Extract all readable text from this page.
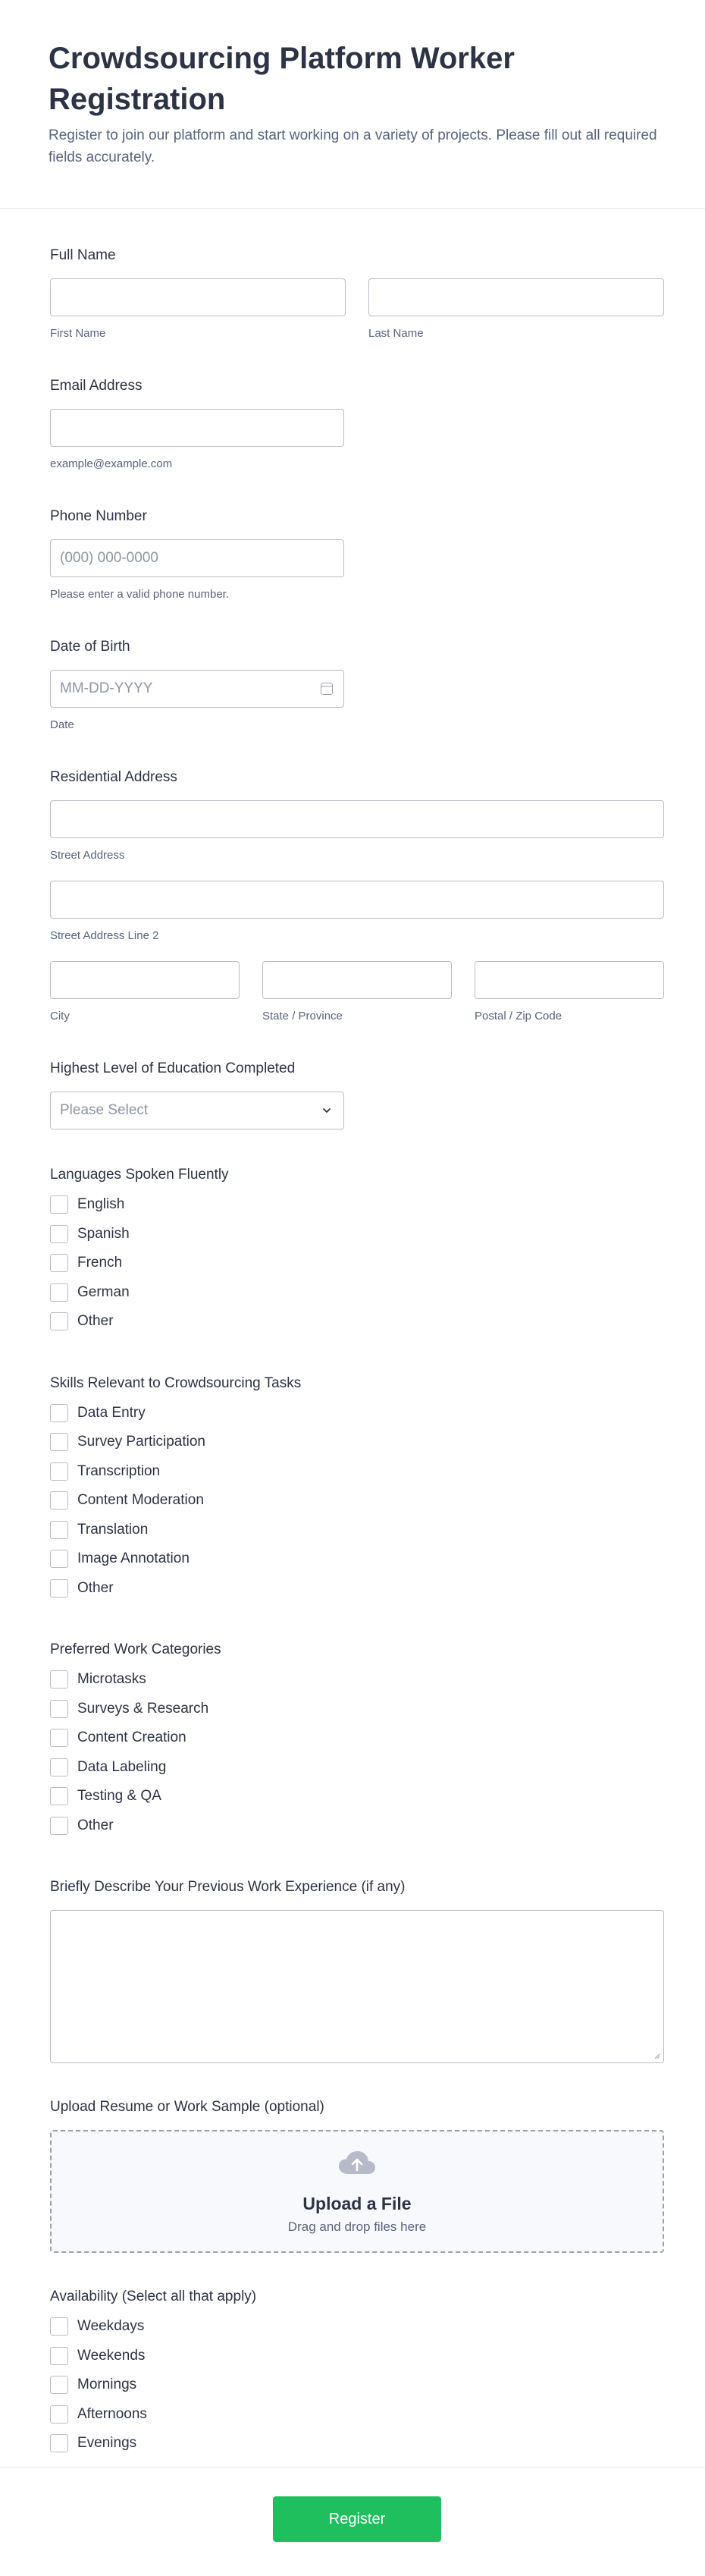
Crowdsourcing Platform Worker Registration

Register to join our platform and start working on a variety of projects. Please fill out all required fields accurately.

Full Name
First Name	Last Name
Email Address
example@example.com
Phone Number
(000) 000-0000
Please enter a valid phone number.
Date of Birth
MM-DD-YYYY
Date
Residential Address
Street Address
Street Address Line 2
City	State / Province	Postal / Zip Code
Highest Level of Education Completed
Please Select
Languages Spoken Fluently
English
Spanish
French
German
Other
Skills Relevant to Crowdsourcing Tasks
Data Entry
Survey Participation
Transcription
Content Moderation
Translation
Image Annotation
Other
Preferred Work Categories
Microtasks
Surveys & Research
Content Creation
Data Labeling
Testing & QA
Other
Briefly Describe Your Previous Work Experience (if any)
Upload Resume or Work Sample (optional)
Upload a File
Drag and drop files here
Availability (Select all that apply)
Weekdays
Weekends
Mornings
Afternoons
Evenings
Register
